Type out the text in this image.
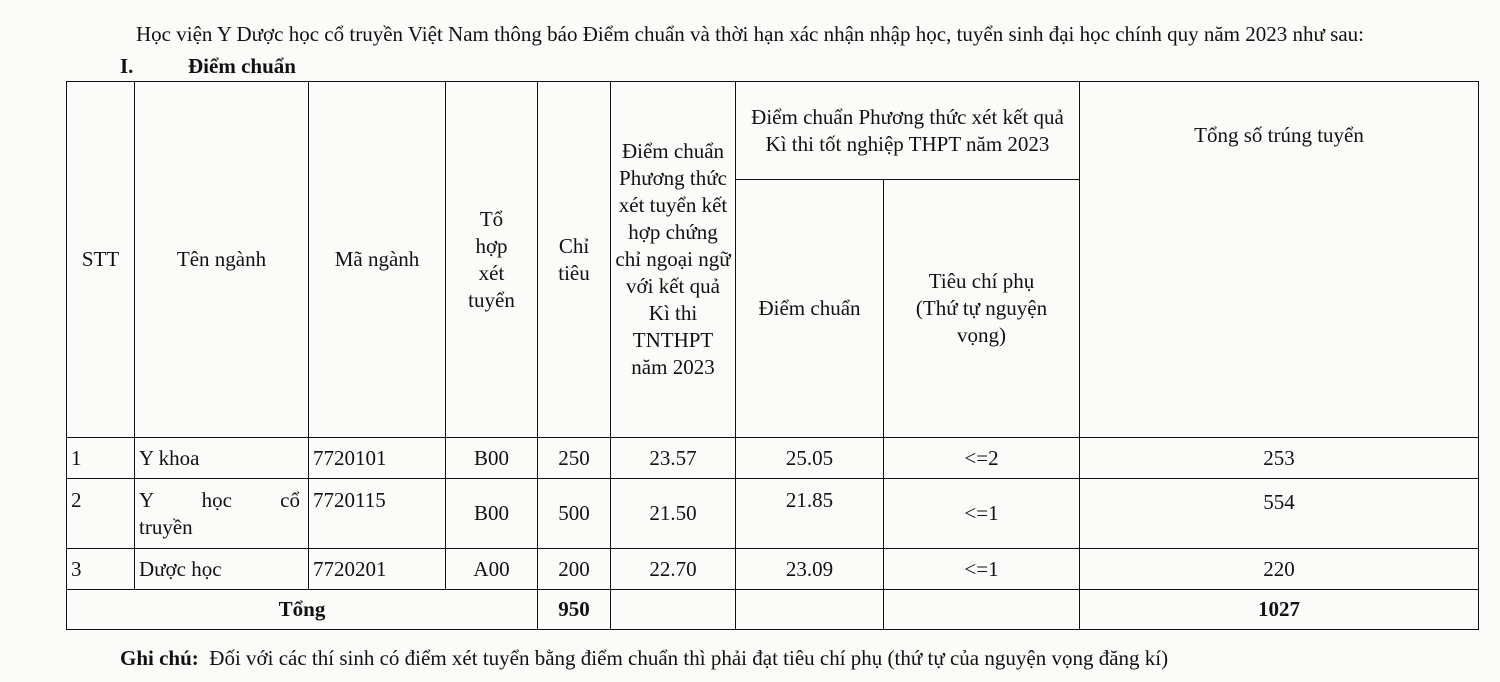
Học viện Y Dược học cổ truyền Việt Nam thông báo Điểm chuẩn và thời hạn xác nhận nhập học, tuyển sinh đại học chính quy năm 2023 như sau:
I.	Điểm chuẩn
STT	Tên ngành	Mã ngành	Tổ hợp xét tuyển	Chỉ tiêu	Điểm chuẩn Phương thức xét tuyển kết hợp chứng chỉ ngoại ngữ với kết quả Kì thi TNTHPT năm 2023	Điểm chuẩn Phương thức xét kết quả Kì thi tốt nghiệp THPT năm 2023		Tổng số trúng tuyển
						Điểm chuẩn	Tiêu chí phụ (Thứ tự nguyện vọng)	

1	Y khoa	7720101	B00	250	23.57	25.05	<=2	253
2	Y học cổ truyền	7720115	B00	500	21.50	21.85	<=1	554
3	Dược học	7720201	A00	200	22.70	23.09	<=1	220
Tổng				950				1027
Ghi chú: Đối với các thí sinh có điểm xét tuyển bằng điểm chuẩn thì phải đạt tiêu chí phụ (thứ tự của nguyện vọng đăng kí)
